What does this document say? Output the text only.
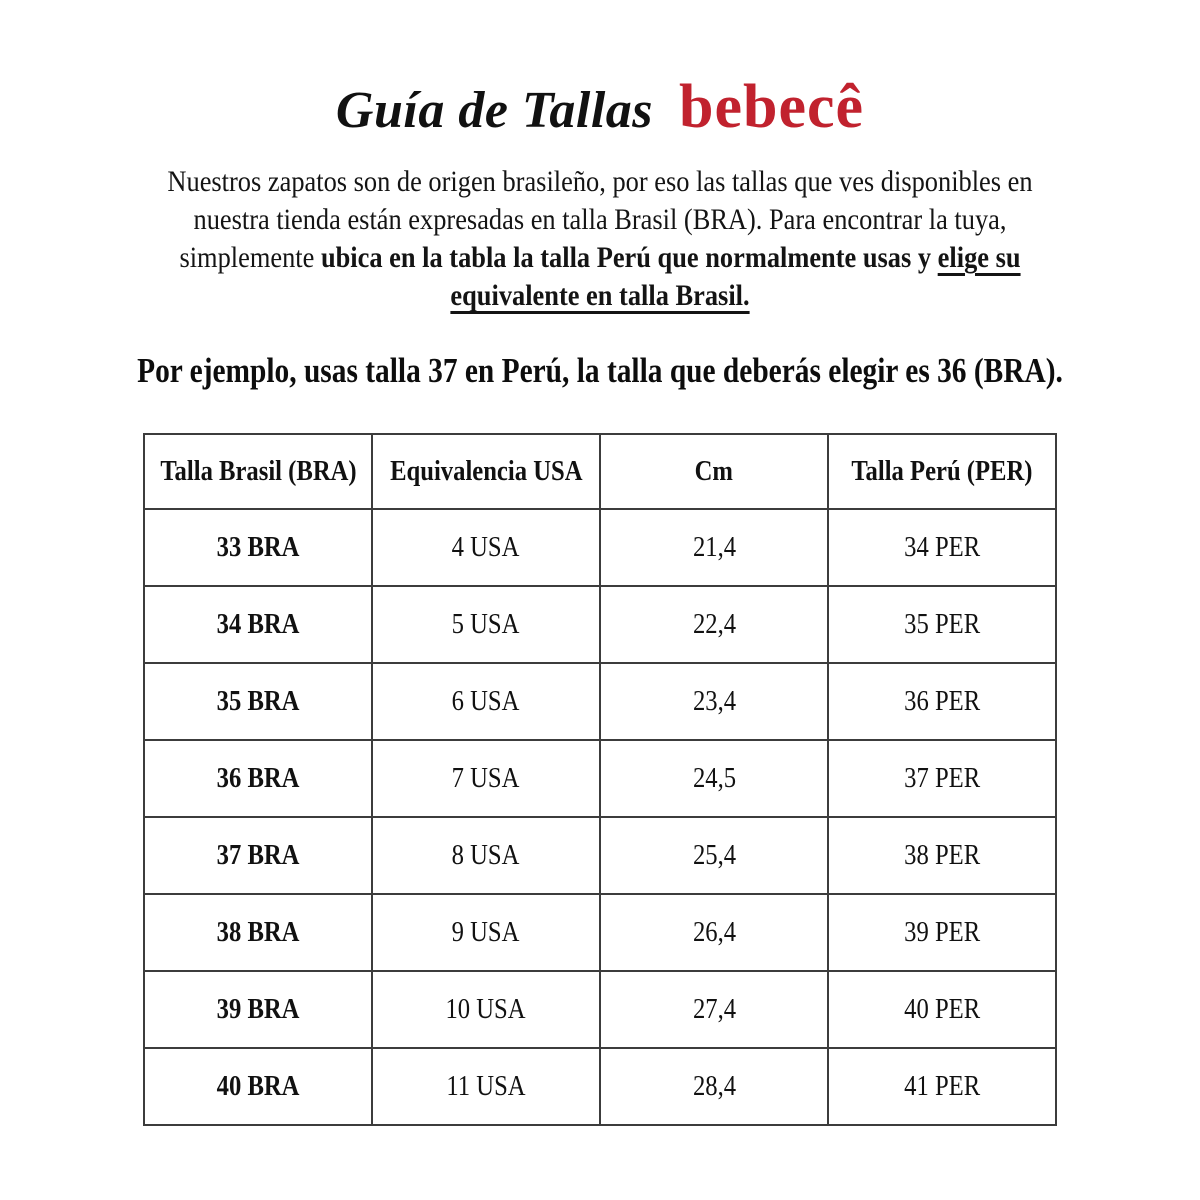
Guía de Tallas bebecê
Nuestros zapatos son de origen brasileño, por eso las tallas que ves disponibles en
nuestra tienda están expresadas en talla Brasil (BRA). Para encontrar la tuya,
simplemente ubica en la tabla la talla Perú que normalmente usas y elige su
equivalente en talla Brasil.
Por ejemplo, usas talla 37 en Perú, la talla que deberás elegir es 36 (BRA).
Talla Brasil (BRA)	Equivalencia USA	Cm	Talla Perú (PER)
33 BRA	4 USA	21,4	34 PER
34 BRA	5 USA	22,4	35 PER
35 BRA	6 USA	23,4	36 PER
36 BRA	7 USA	24,5	37 PER
37 BRA	8 USA	25,4	38 PER
38 BRA	9 USA	26,4	39 PER
39 BRA	10 USA	27,4	40 PER
40 BRA	11 USA	28,4	41 PER
